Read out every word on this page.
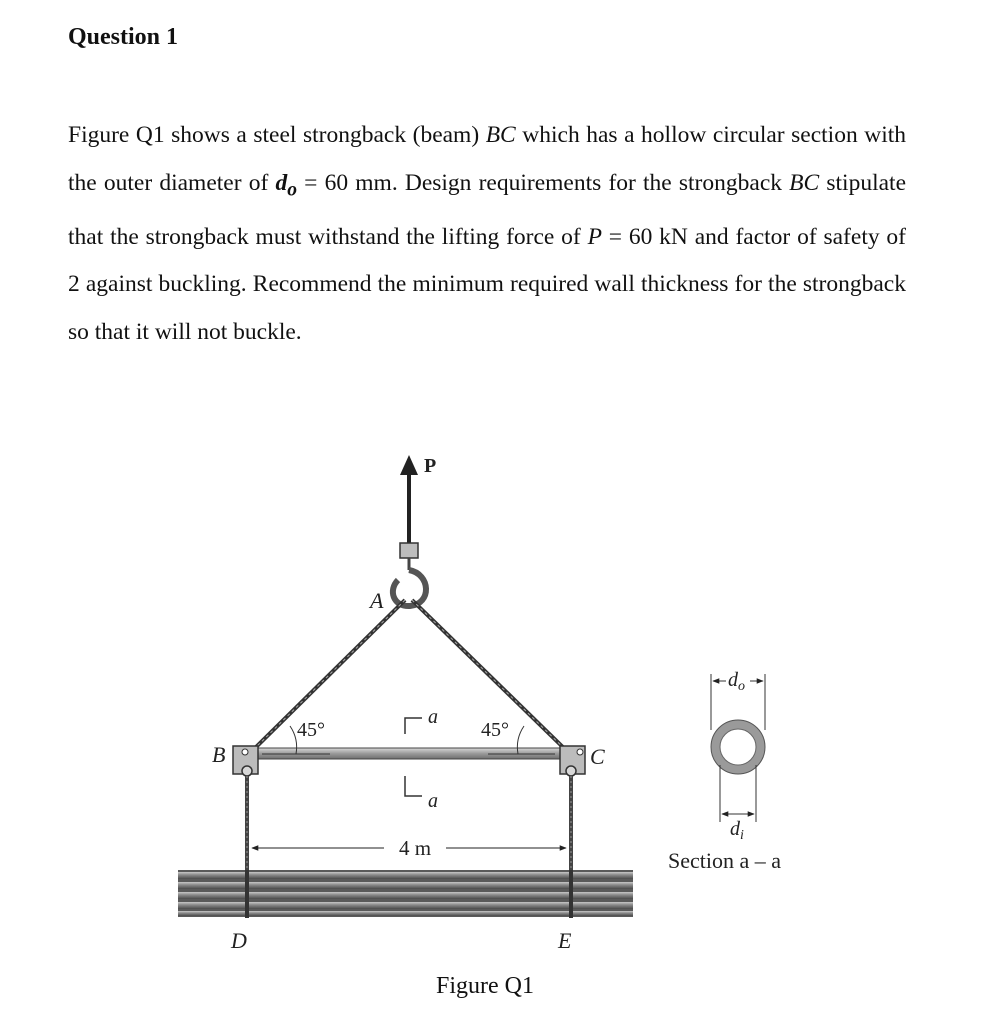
Question 1

Figure Q1 shows a steel strongback (beam) BC which has a hollow circular section with the outer diameter of $d_o = 60$ mm. Design requirements for the strongback BC stipulate that the strongback must withstand the lifting force of P = 60 kN and factor of safety of 2 against buckling. Recommend the minimum required wall thickness for the strongback so that it will not buckle.

P
A
B	C
45°	45°
a
a
4 m
D	E
$d_o$
$d_i$
Section a – a

Figure Q1
